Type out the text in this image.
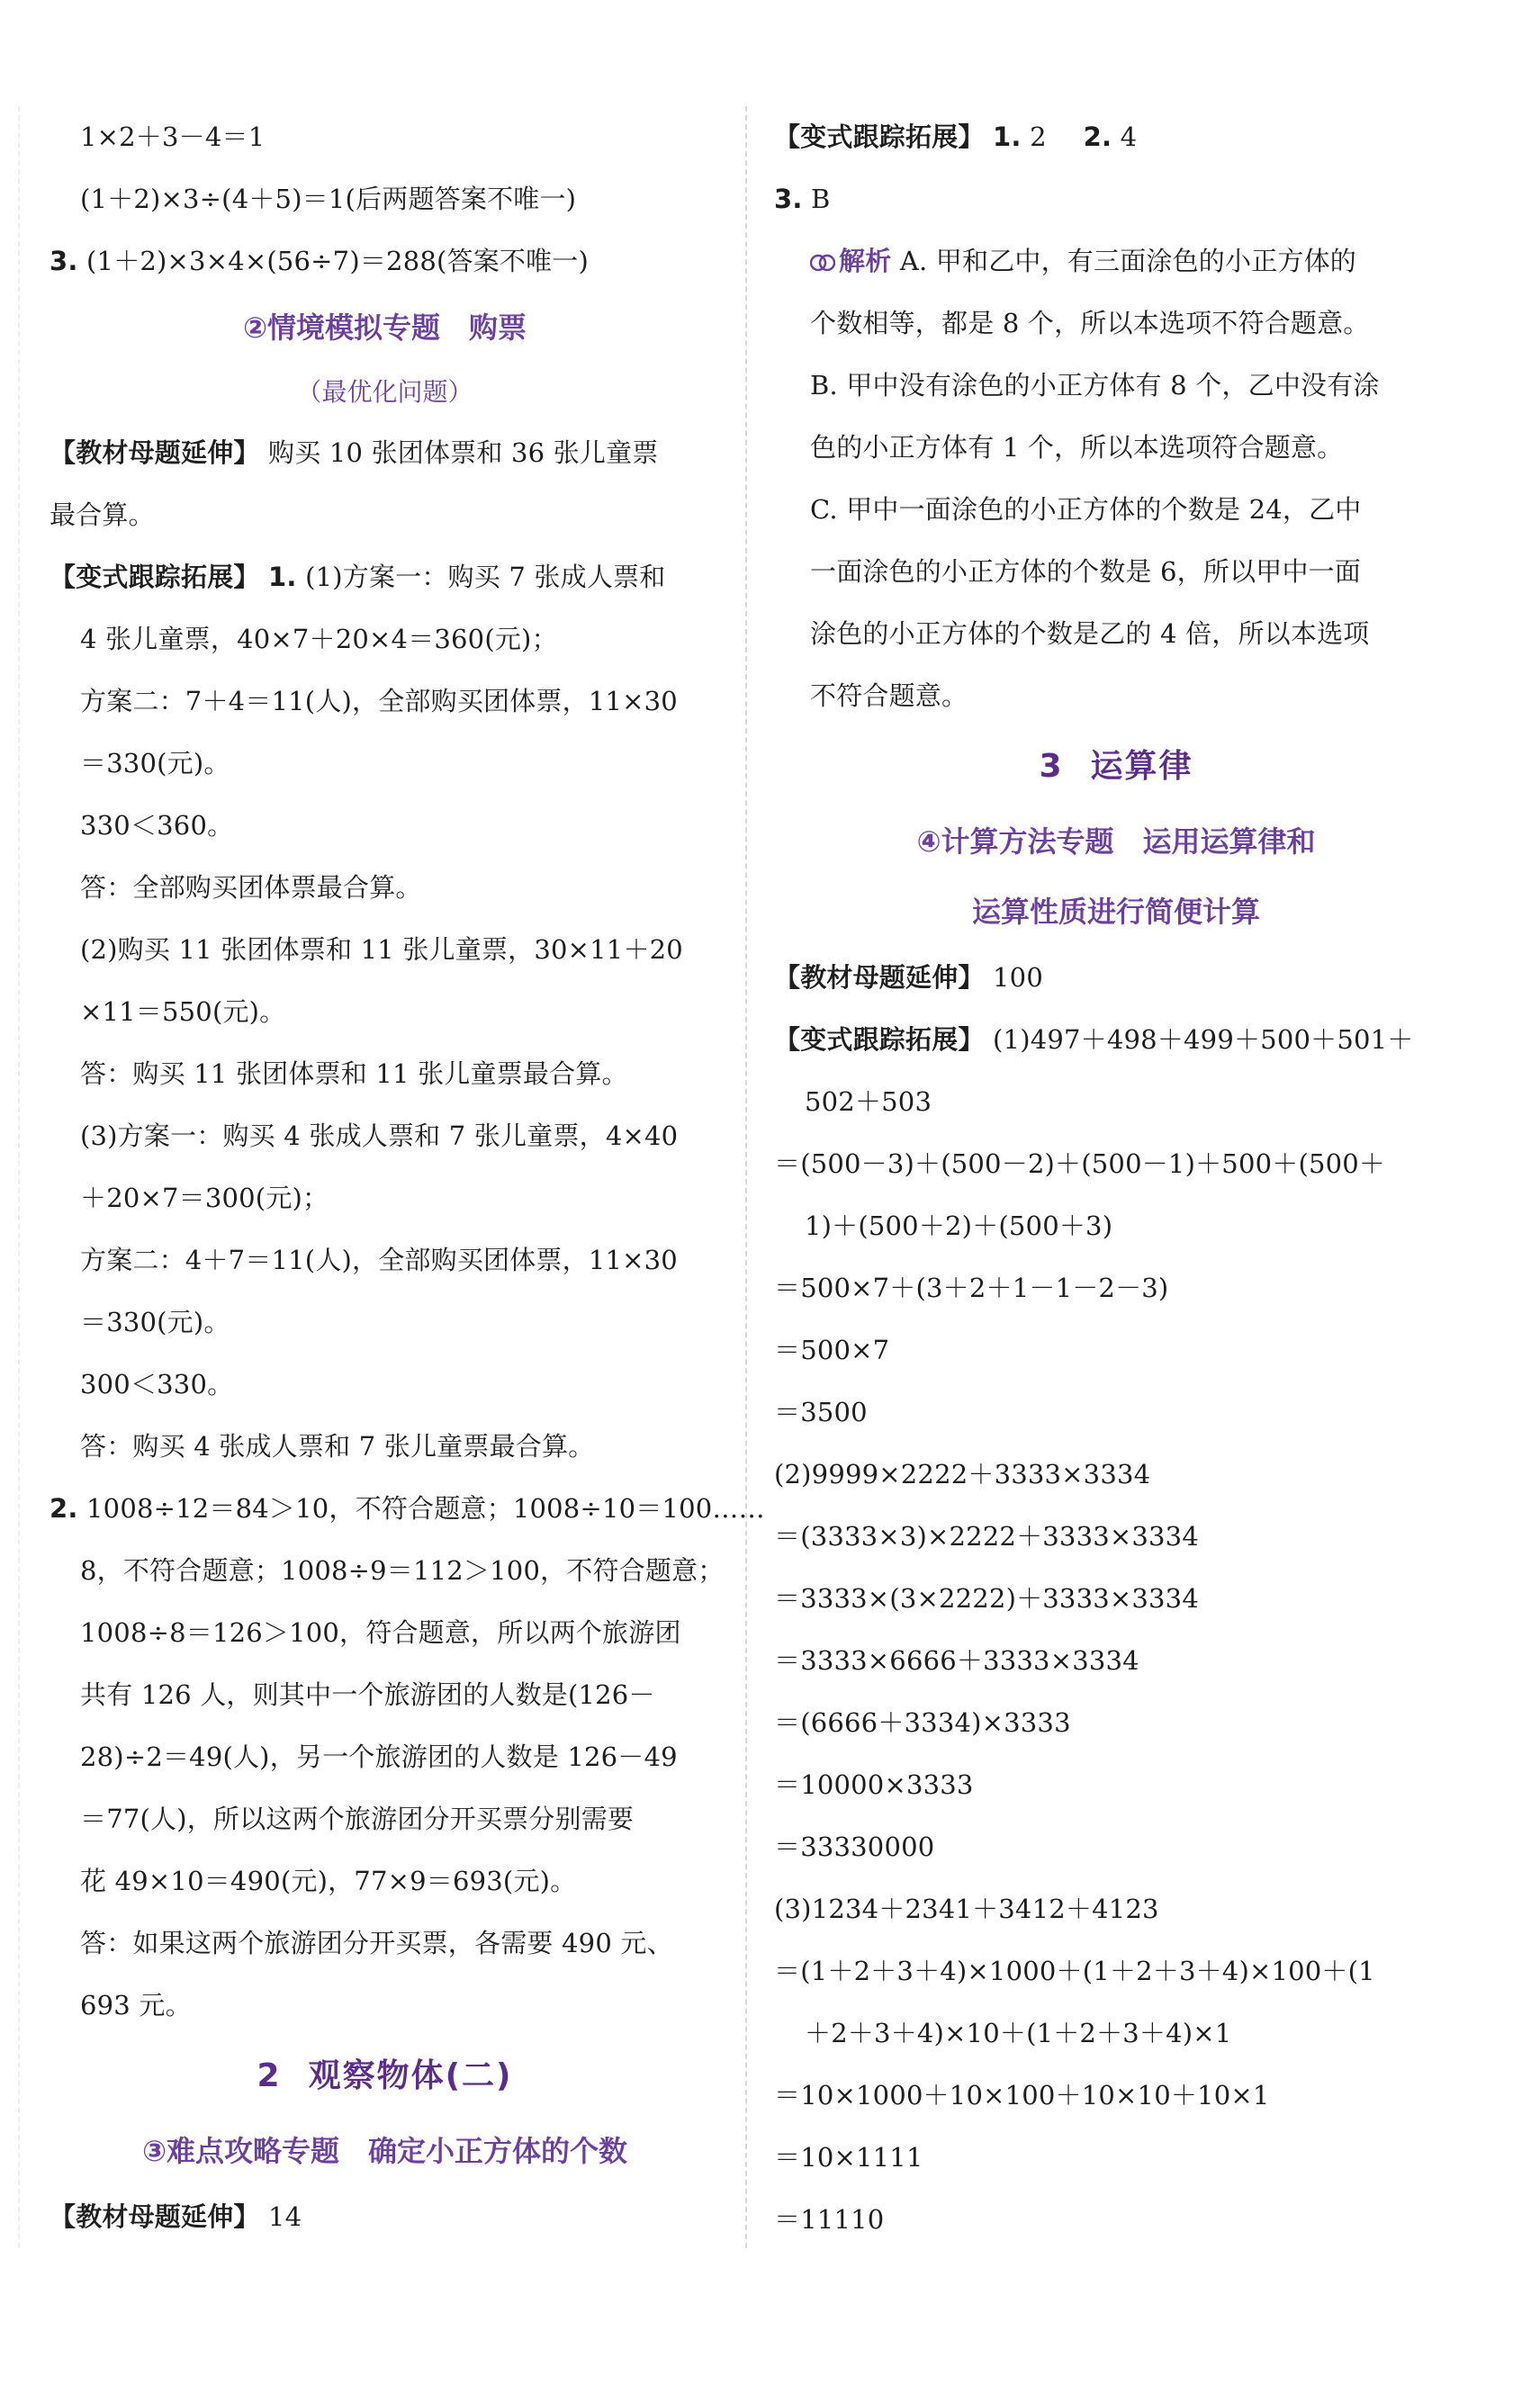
1×2＋3－4＝1
(1＋2)×3÷(4＋5)＝1(后两题答案不唯一)
3. (1＋2)×3×4×(56÷7)＝288(答案不唯一)
②情境模拟专题　购票
（最优化问题）
【教材母题延伸】 购买 10 张团体票和 36 张儿童票
最合算。
【变式跟踪拓展】 1. (1)方案一：购买 7 张成人票和
4 张儿童票，40×7＋20×4＝360(元)；
方案二：7＋4＝11(人)，全部购买团体票，11×30
＝330(元)。
330＜360。
答：全部购买团体票最合算。
(2)购买 11 张团体票和 11 张儿童票，30×11＋20
×11＝550(元)。
答：购买 11 张团体票和 11 张儿童票最合算。
(3)方案一：购买 4 张成人票和 7 张儿童票，4×40
＋20×7＝300(元)；
方案二：4＋7＝11(人)，全部购买团体票，11×30
＝330(元)。
300＜330。
答：购买 4 张成人票和 7 张儿童票最合算。
2. 1008÷12＝84＞10，不符合题意；1008÷10＝100……
8，不符合题意；1008÷9＝112＞100，不符合题意；
1008÷8＝126＞100，符合题意，所以两个旅游团
共有 126 人，则其中一个旅游团的人数是(126－
28)÷2＝49(人)，另一个旅游团的人数是 126－49
＝77(人)，所以这两个旅游团分开买票分别需要
花 49×10＝490(元)，77×9＝693(元)。
答：如果这两个旅游团分开买票，各需要 490 元、
693 元。
2 观察物体(二)
③难点攻略专题　确定小正方体的个数
【教材母题延伸】 14
【变式跟踪拓展】 1. 2 2. 4
3. B
解析 A. 甲和乙中，有三面涂色的小正方体的
个数相等，都是 8 个，所以本选项不符合题意。
B. 甲中没有涂色的小正方体有 8 个，乙中没有涂
色的小正方体有 1 个，所以本选项符合题意。
C. 甲中一面涂色的小正方体的个数是 24，乙中
一面涂色的小正方体的个数是 6，所以甲中一面
涂色的小正方体的个数是乙的 4 倍，所以本选项
不符合题意。
3 运算律
④计算方法专题　运用运算律和
运算性质进行简便计算
【教材母题延伸】 100
【变式跟踪拓展】 (1)497＋498＋499＋500＋501＋
502＋503
＝(500－3)＋(500－2)＋(500－1)＋500＋(500＋
1)＋(500＋2)＋(500＋3)
＝500×7＋(3＋2＋1－1－2－3)
＝500×7
＝3500
(2)9999×2222＋3333×3334
＝(3333×3)×2222＋3333×3334
＝3333×(3×2222)＋3333×3334
＝3333×6666＋3333×3334
＝(6666＋3334)×3333
＝10000×3333
＝33330000
(3)1234＋2341＋3412＋4123
＝(1＋2＋3＋4)×1000＋(1＋2＋3＋4)×100＋(1
＋2＋3＋4)×10＋(1＋2＋3＋4)×1
＝10×1000＋10×100＋10×10＋10×1
＝10×1111
＝11110
